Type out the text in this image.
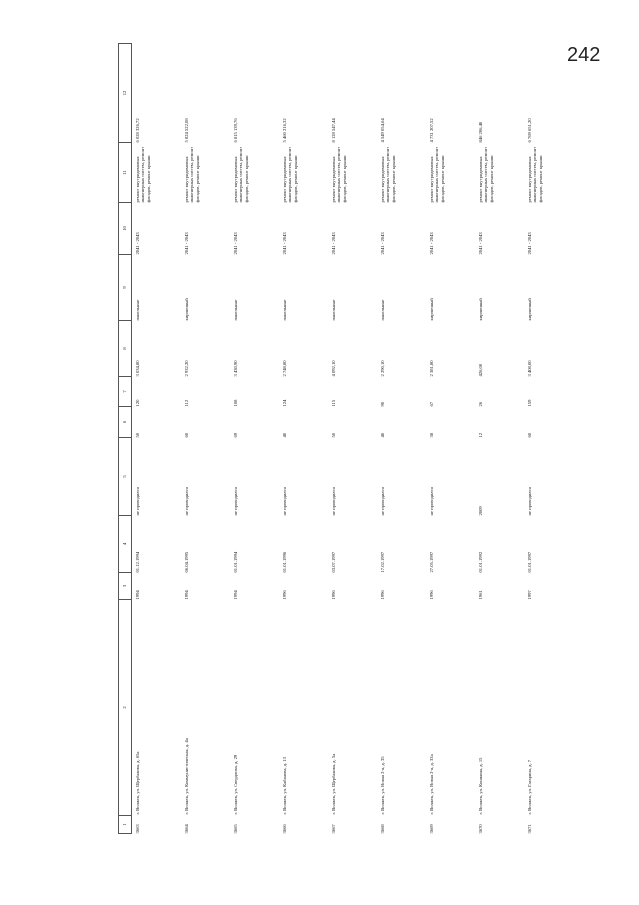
242
1	2	3	4	5	6	7	8	9	10	11	12
3663	г. Волжск, ул. Щербакова, д. 65а	1994	01.12.1994	не проводился	50	120	3 034,80	панельные	2041 - 2043	ремонт внутридомовых инженерных систем, ремонт фасадов, ремонт крыши	6 028 326,72
3664	г. Волжск, ул. Коммунистическая, д. 4а	1994	06.04.1995	не проводился	60	112	2 932,20	кирпичный	2041 - 2043	ремонт внутридомовых инженерных систем, ремонт фасадов, ремонт крыши	5 824 522,08
3665	г. Волжск, ул. Свердлова, д. 29	1994	01.01.1994	не проводился	69	108	3 430,90	панельные	2041 - 2043	ремонт внутридомовых инженерных систем, ремонт фасадов, ремонт крыши	6 815 139,76
3666	г. Волжск, ул. Кабанова, д. 13	1996	01.01.1996	не проводился	40	124	2 748,80	панельные	2041 - 2043	ремонт внутридомовых инженерных систем, ремонт фасадов, ремонт крыши	5 460 216,32
3667	г. Волжск, ул. Щербакова, д. 5а	1996	03.07.1997	не проводился	50	115	4 092,10	панельные	2041 - 2043	ремонт внутридомовых инженерных систем, ремонт фасадов, ремонт крыши	8 128 547,44
3668	г. Волжск, ул. Новая 2-я, д. 35	1996	17.02.1997	не проводился	40	90	2 290,10	панельные	2041 - 2043	ремонт внутридомовых инженерных систем, ремонт фасадов, ремонт крыши	4 549 054,64
3669	г. Волжск, ул. Новая 2-я, д. 33а	1996	27.05.1997	не проводился	38	67	2 381,80	кирпичный	2041 - 2043	ремонт внутридомовых инженерных систем, ремонт фасадов, ремонт крыши	4 731 207,52
3670	г. Волжск, ул. Кошкина, д. 15	1961	01.01.1992	2009	12	26	426,00	кирпичный	2041 - 2043	ремонт внутридомовых инженерных систем, ремонт фасадов, ремонт крыши	846 206,40
3671	г. Волжск, ул. Гагарина, д. 7	1997	01.01.1997	не проводился	60	159	3 408,00	кирпичный	2041 - 2043	ремонт внутридомовых инженерных систем, ремонт фасадов, ремонт крыши	6 769 651,20
